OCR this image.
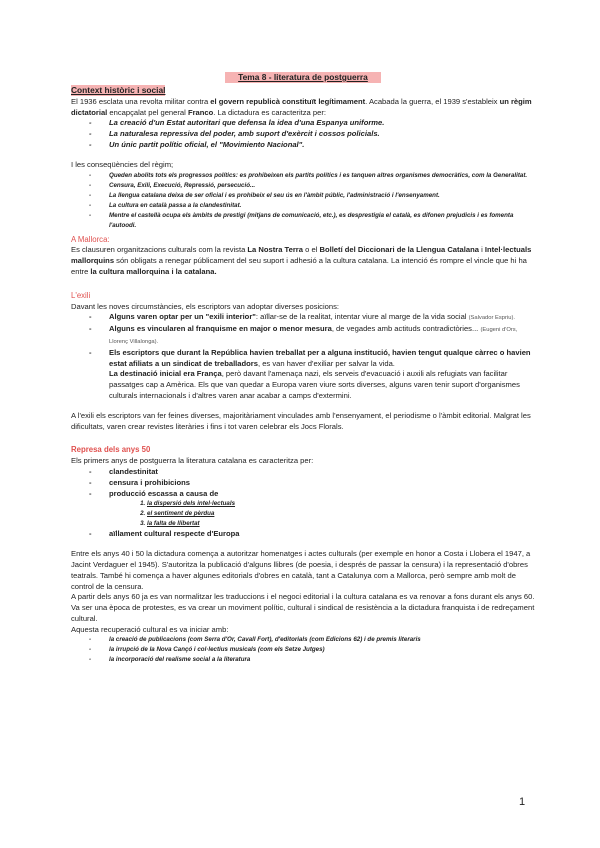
Tema 8 - literatura de postguerra
Context històric i social

El 1936 esclata una revolta militar contra el govern republicà constituït legítimament. Acabada la guerra, el 1939 s'estableix un règim dictatorial encapçalat pel general Franco. La dictadura es caracteritza per:

- La creació d'un Estat autoritari que defensa la idea d'una Espanya uniforme.
- La naturalesa repressiva del poder, amb suport d'exèrcit i cossos policials.
- Un únic partit polític oficial, el "Movimiento Nacional".

I les conseqüències del règim;

- Queden abolits tots els progressos polítics: es prohibeixen els partits polítics i es tanquen altres organismes democràtics, com la Generalitat.
- Censura, Exili, Execució, Repressió, persecució...
- La llengua catalana deixa de ser oficial i es prohibeix el seu ús en l'àmbit públic, l'administració i l'ensenyament.
- La cultura en català passa a la clandestinitat.
- Mentre el castellà ocupa els àmbits de prestigi (mitjans de comunicació, etc.), es desprestigia el català, es difonen prejudicis i es fomenta l'autoodi.
A Mallorca:

Es clausuren organitzacions culturals com la revista La Nostra Terra o el Bolletí del Diccionari de la Llengua Catalana i Intel·lectuals mallorquins són obligats a renegar públicament del seu suport i adhesió a la cultura catalana. La intenció és rompre el vincle que hi ha entre la cultura mallorquina i la catalana.

L'exili

Davant les noves circumstàncies, els escriptors van adoptar diverses posicions:

- Alguns varen optar per un "exili interior": aïllar-se de la realitat, intentar viure al marge de la vida social (Salvador Espriu).
- Alguns es vincularen al franquisme en major o menor mesura, de vegades amb actituds contradictòries... (Eugeni d'Ors, Llorenç Villalonga).
- Els escriptors que durant la República havien treballat per a alguna institució, havien tengut qualque càrrec o havien estat afiliats a un sindicat de treballadors, es van haver d'exiliar per salvar la vida.
La destinació inicial era França, però davant l'amenaça nazi, els serveis d'evacuació i auxili als refugiats van facilitar passatges cap a Amèrica. Els que van quedar a Europa varen viure sorts diverses, alguns varen tenir suport d'organismes culturals internacionals i d'altres varen anar acabar a camps d'extermini.

A l'exili els escriptors van fer feines diverses, majoritàriament vinculades amb l'ensenyament, el periodisme o l'àmbit editorial. Malgrat les dificultats, varen crear revistes literàries i fins i tot varen celebrar els Jocs Florals.

Represa dels anys 50

Els primers anys de postguerra la literatura catalana es caracteritza per:

- clandestinitat
- censura i prohibicions
- producció escassa a causa de
1. la dispersió dels intel·lectuals
2. el sentiment de pèrdua
3. la falta de llibertat
- aïllament cultural respecte d'Europa

Entre els anys 40 i 50 la dictadura comença a autoritzar homenatges i actes culturals (per exemple en honor a Costa i Llobera el 1947, a Jacint Verdaguer el 1945). S'autoritza la publicació d'alguns llibres (de poesia, i després de passar la censura) i la representació d'obres teatrals. També hi comença a haver algunes editorials d'obres en català, tant a Catalunya com a Mallorca, però sempre amb molt de control de la censura.

A partir dels anys 60 ja es van normalitzar les traduccions i el negoci editorial i la cultura catalana es va renovar a fons durant els anys 60. Va ser una època de protestes, es va crear un moviment polític, cultural i sindical de resistència a la dictadura franquista i de redreçament cultural.

Aquesta recuperació cultural es va iniciar amb:

- la creació de publicacions (com Serra d'Or, Cavall Fort), d'editorials (com Edicions 62) i de premis literaris
- la irrupció de la Nova Cançó i col·lectius musicals (com els Setze Jutges)
- la incorporació del realisme social a la literatura
1
